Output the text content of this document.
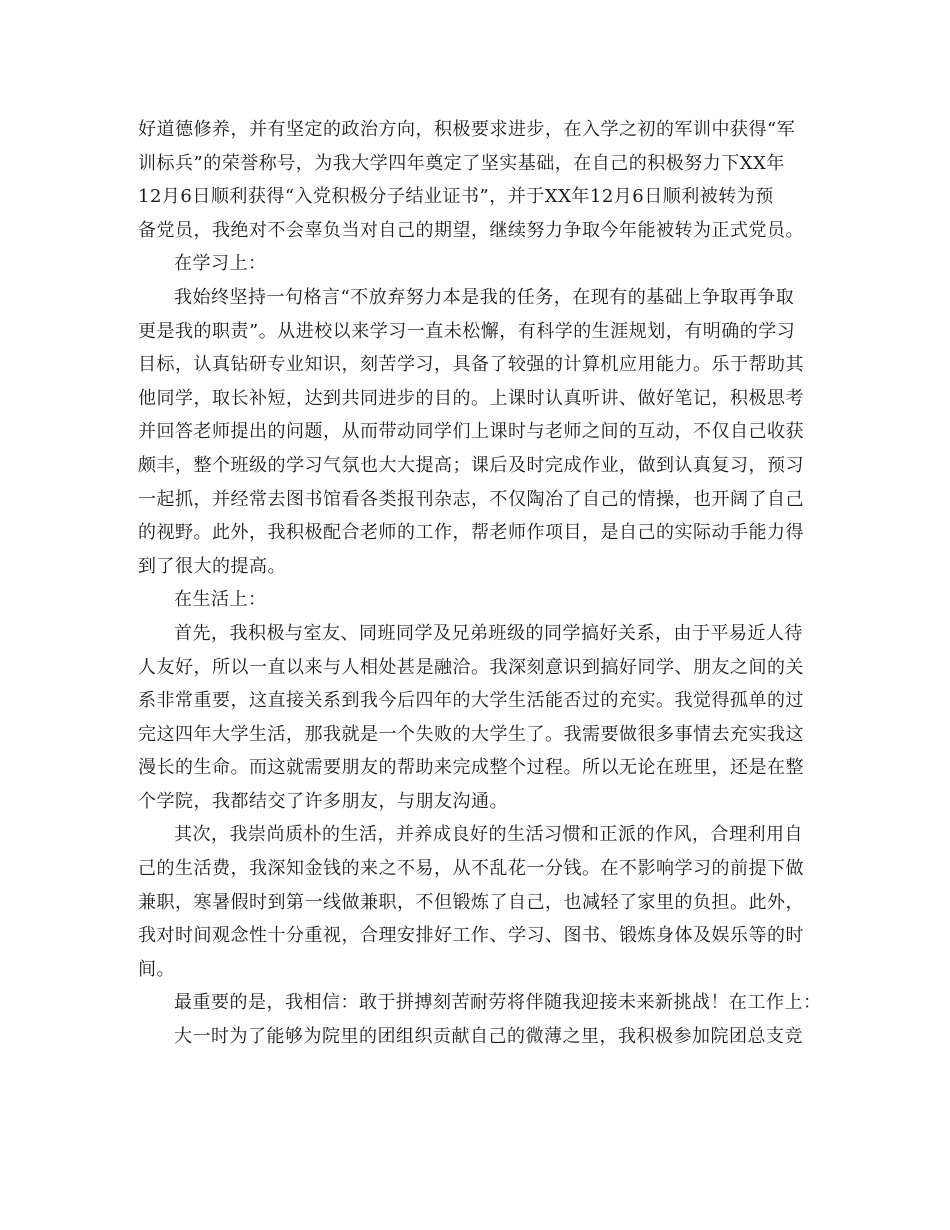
好道德修养，并有坚定的政治方向，积极要求进步，在入学之初的军训中获得“军
训标兵”的荣誉称号，为我大学四年奠定了坚实基础，在自己的积极努力下XX年
12月6日顺利获得“入党积极分子结业证书”，并于XX年12月6日顺利被转为预
备党员，我绝对不会辜负当对自己的期望，继续努力争取今年能被转为正式党员。
在学习上：
我始终坚持一句格言“不放弃努力本是我的任务，在现有的基础上争取再争取
更是我的职责”。从进校以来学习一直未松懈，有科学的生涯规划，有明确的学习
目标，认真钻研专业知识，刻苦学习，具备了较强的计算机应用能力。乐于帮助其
他同学，取长补短，达到共同进步的目的。上课时认真听讲、做好笔记，积极思考
并回答老师提出的问题，从而带动同学们上课时与老师之间的互动，不仅自己收获
颇丰，整个班级的学习气氛也大大提高；课后及时完成作业，做到认真复习，预习
一起抓，并经常去图书馆看各类报刊杂志，不仅陶冶了自己的情操，也开阔了自己
的视野。此外，我积极配合老师的工作，帮老师作项目，是自己的实际动手能力得
到了很大的提高。
在生活上：
首先，我积极与室友、同班同学及兄弟班级的同学搞好关系，由于平易近人待
人友好，所以一直以来与人相处甚是融洽。我深刻意识到搞好同学、朋友之间的关
系非常重要，这直接关系到我今后四年的大学生活能否过的充实。我觉得孤单的过
完这四年大学生活，那我就是一个失败的大学生了。我需要做很多事情去充实我这
漫长的生命。而这就需要朋友的帮助来完成整个过程。所以无论在班里，还是在整
个学院，我都结交了许多朋友，与朋友沟通。
其次，我崇尚质朴的生活，并养成良好的生活习惯和正派的作风，合理利用自
己的生活费，我深知金钱的来之不易，从不乱花一分钱。在不影响学习的前提下做
兼职，寒暑假时到第一线做兼职，不但锻炼了自己，也减轻了家里的负担。此外，
我对时间观念性十分重视，合理安排好工作、学习、图书、锻炼身体及娱乐等的时
间。
最重要的是，我相信：敢于拼搏刻苦耐劳将伴随我迎接未来新挑战！在工作上：
大一时为了能够为院里的团组织贡献自己的微薄之里，我积极参加院团总支竞
